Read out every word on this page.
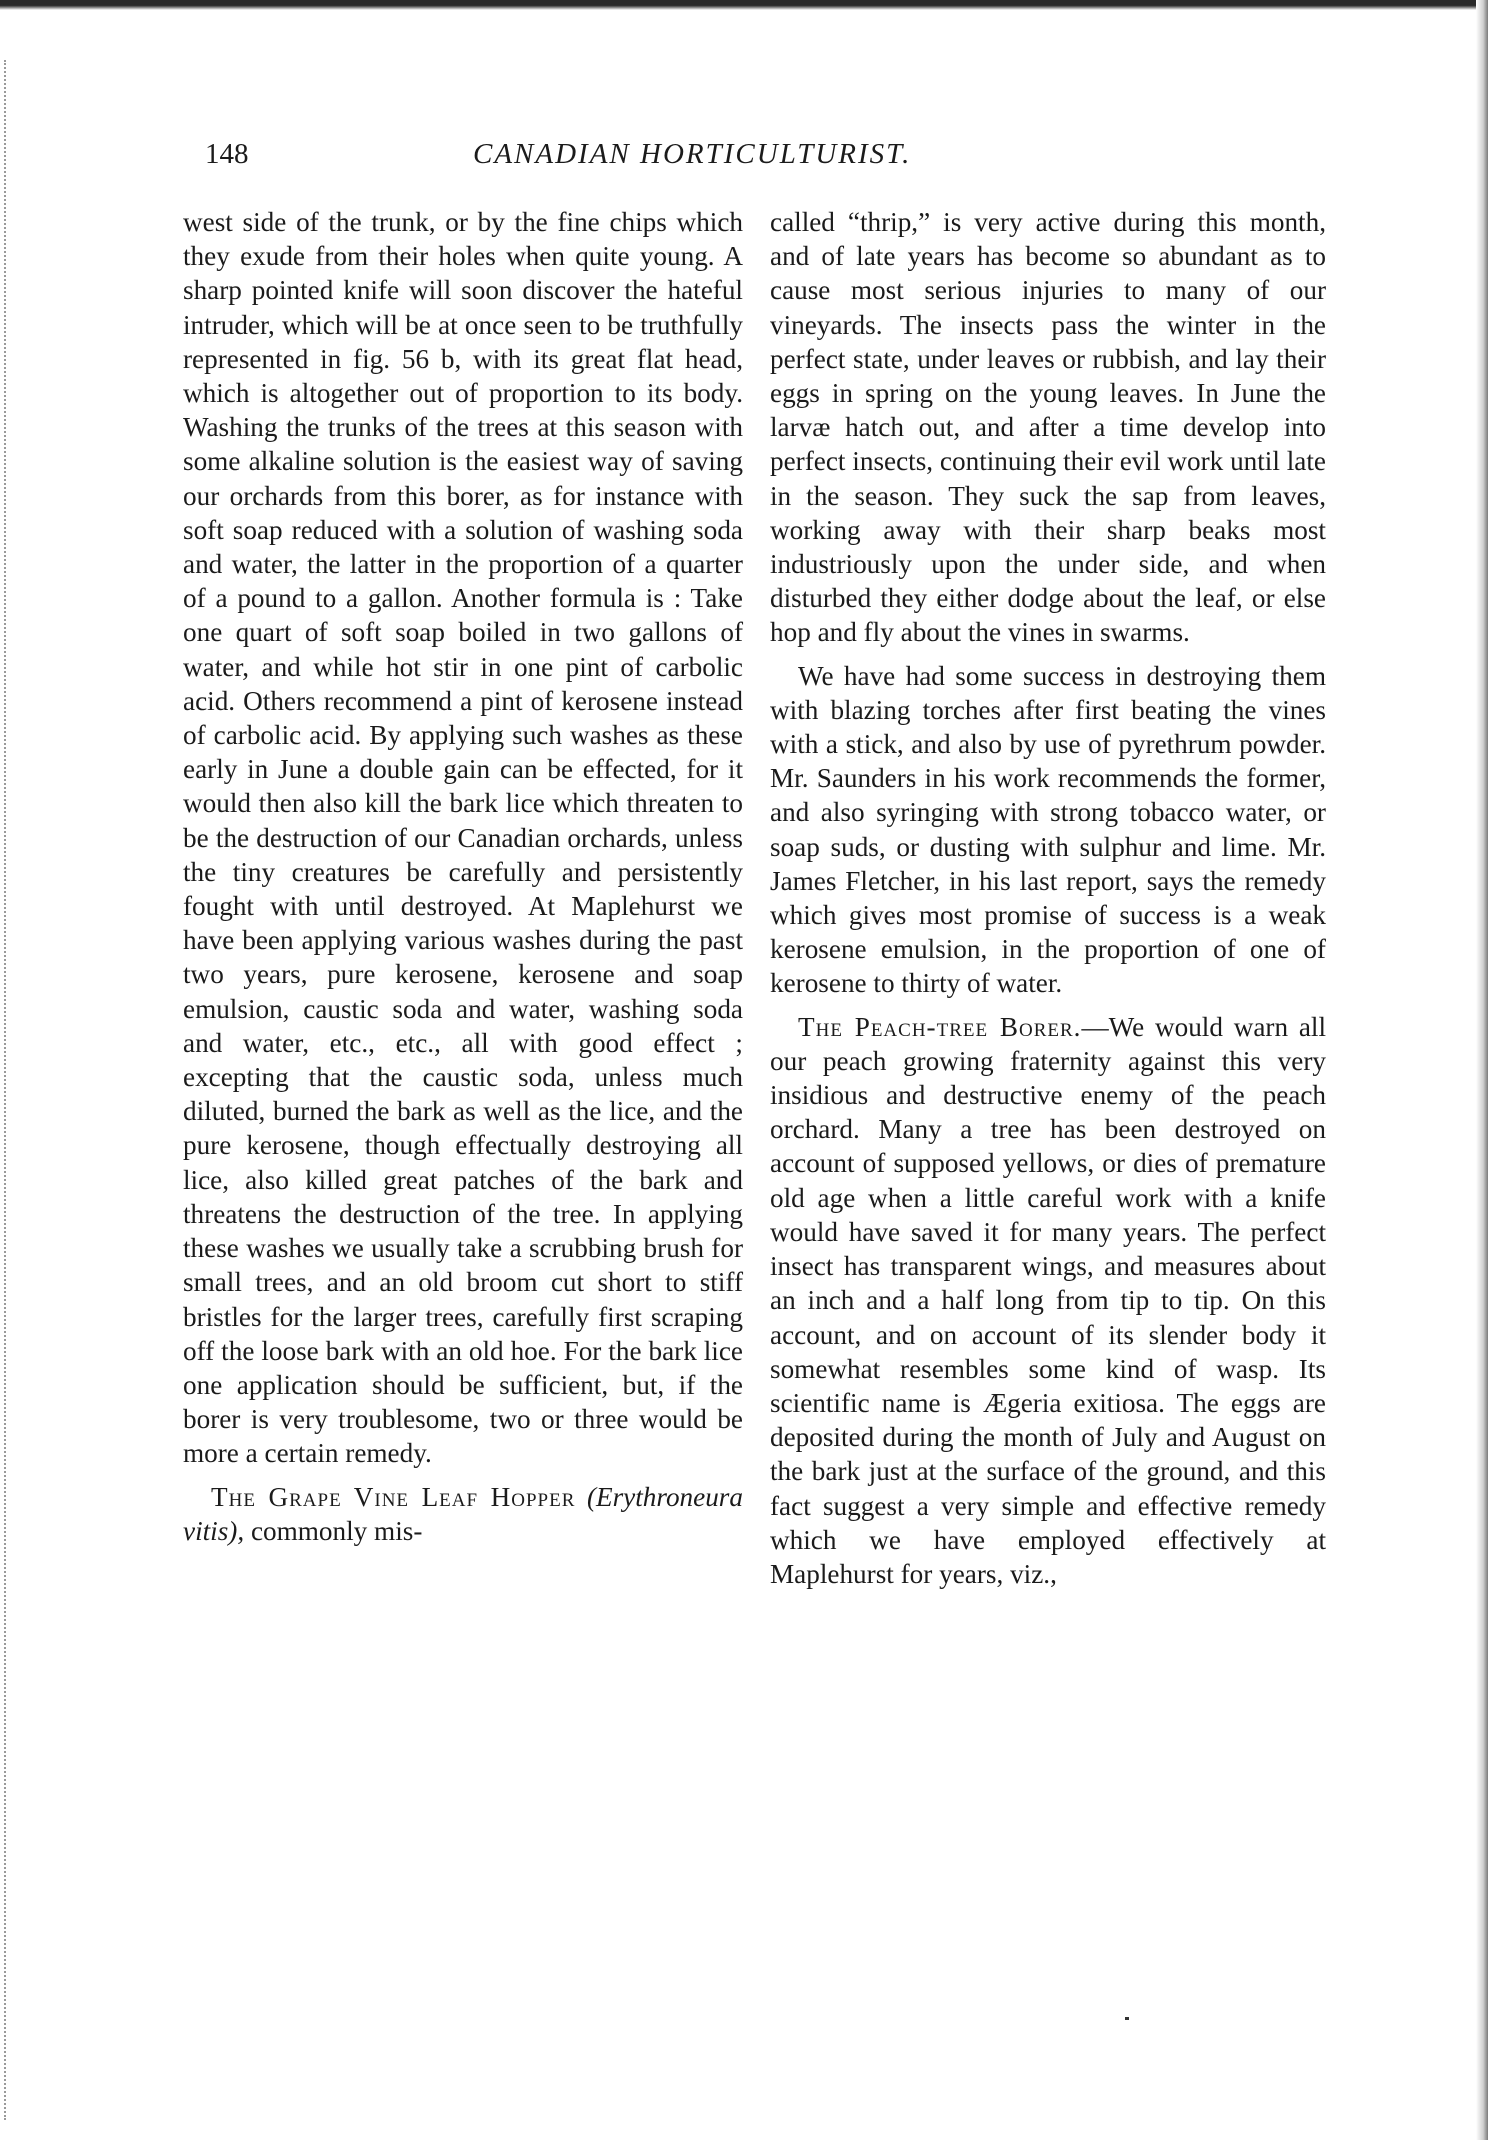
148	CANADIAN HORTICULTURIST.

west side of the trunk, or by the fine chips which they exude from their holes when quite young. A sharp pointed knife will soon discover the hateful intruder, which will be at once seen to be truthfully represented in fig. 56 b, with its great flat head, which is altogether out of proportion to its body. Washing the trunks of the trees at this season with some alkaline solution is the easiest way of saving our orchards from this borer, as for instance with soft soap reduced with a solution of washing soda and water, the latter in the proportion of a quarter of a pound to a gallon. Another formula is : Take one quart of soft soap boiled in two gallons of water, and while hot stir in one pint of carbolic acid. Others recommend a pint of kerosene instead of carbolic acid. By applying such washes as these early in June a double gain can be effected, for it would then also kill the bark lice which threaten to be the destruction of our Canadian orchards, unless the tiny creatures be carefully and persistently fought with until destroyed. At Maplehurst we have been applying various washes during the past two years, pure kerosene, kerosene and soap emulsion, caustic soda and water, washing soda and water, etc., etc., all with good effect ; excepting that the caustic soda, unless much diluted, burned the bark as well as the lice, and the pure kerosene, though effectually destroying all lice, also killed great patches of the bark and threatens the destruction of the tree. In applying these washes we usually take a scrubbing brush for small trees, and an old broom cut short to stiff bristles for the larger trees, carefully first scraping off the loose bark with an old hoe. For the bark lice one application should be sufficient, but, if the borer is very troublesome, two or three would be more a certain remedy.

The Grape Vine Leaf Hopper (Erythroneura vitis), commonly mis-

called “thrip,” is very active during this month, and of late years has become so abundant as to cause most serious injuries to many of our vineyards. The insects pass the winter in the perfect state, under leaves or rubbish, and lay their eggs in spring on the young leaves. In June the larvæ hatch out, and after a time develop into perfect insects, continuing their evil work until late in the season. They suck the sap from leaves, working away with their sharp beaks most industriously upon the under side, and when disturbed they either dodge about the leaf, or else hop and fly about the vines in swarms.

We have had some success in destroying them with blazing torches after first beating the vines with a stick, and also by use of pyrethrum powder. Mr. Saunders in his work recommends the former, and also syringing with strong tobacco water, or soap suds, or dusting with sulphur and lime. Mr. James Fletcher, in his last report, says the remedy which gives most promise of success is a weak kerosene emulsion, in the proportion of one of kerosene to thirty of water.

The Peach-tree Borer.—We would warn all our peach growing fraternity against this very insidious and destructive enemy of the peach orchard. Many a tree has been destroyed on account of supposed yellows, or dies of premature old age when a little careful work with a knife would have saved it for many years. The perfect insect has transparent wings, and measures about an inch and a half long from tip to tip. On this account, and on account of its slender body it somewhat resembles some kind of wasp. Its scientific name is Ægeria exitiosa. The eggs are deposited during the month of July and August on the bark just at the surface of the ground, and this fact suggest a very simple and effective remedy which we have employed effectively at Maplehurst for years, viz.,
